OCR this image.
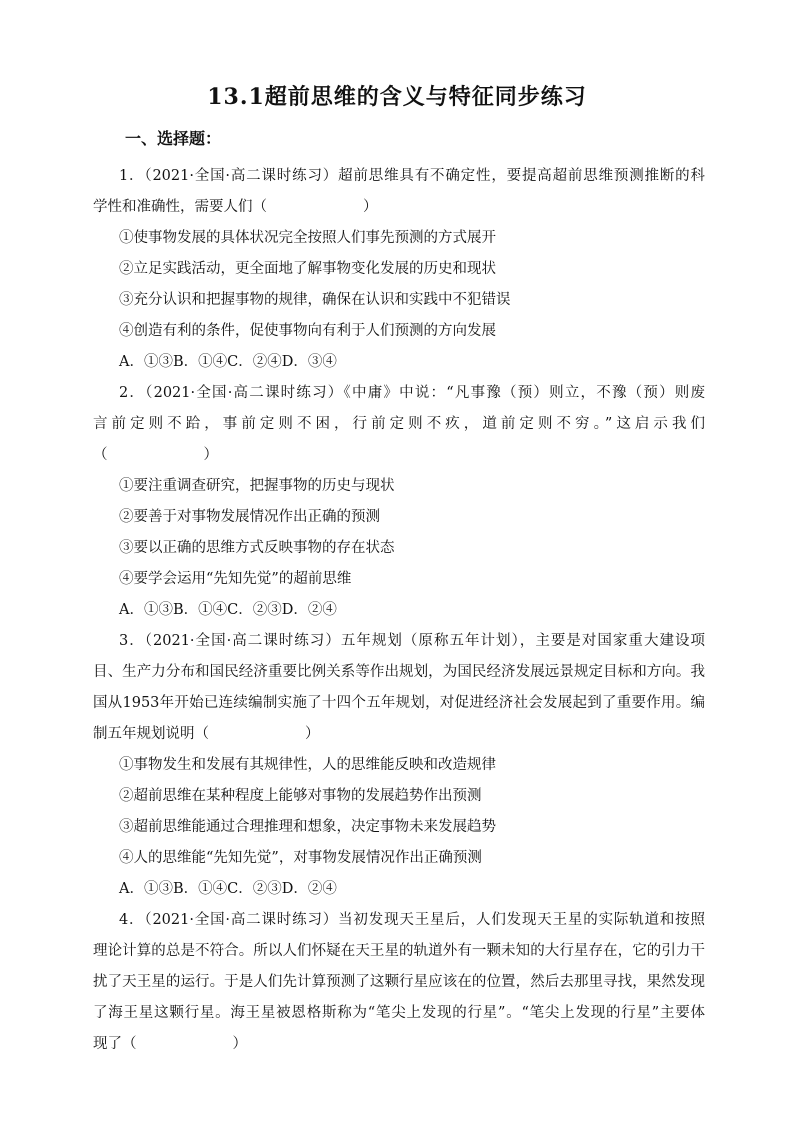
13.1超前思维的含义与特征同步练习
一、选择题：

1．（2021·全国·高二课时练习）超前思维具有不确定性，要提高超前思维预测推断的科

学性和准确性，需要人们（	）

①使事物发展的具体状况完全按照人们事先预测的方式展开

②立足实践活动，更全面地了解事物变化发展的历史和现状

③充分认识和把握事物的规律，确保在认识和实践中不犯错误

④创造有利的条件，促使事物向有利于人们预测的方向发展

A．①③B．①④C．②④D．③④

2．（2021·全国·高二课时练习）《中庸》中说：“凡事豫（预）则立，不豫（预）则废

言前定则不跲，事前定则不困，行前定则不疚，道前定则不穷。”这启示我们

（	）

①要注重调查研究，把握事物的历史与现状

②要善于对事物发展情况作出正确的预测

③要以正确的思维方式反映事物的存在状态

④要学会运用“先知先觉”的超前思维

A．①③B．①④C．②③D．②④

3．（2021·全国·高二课时练习）五年规划（原称五年计划），主要是对国家重大建设项

目、生产力分布和国民经济重要比例关系等作出规划，为国民经济发展远景规定目标和方向。我

国从1953年开始已连续编制实施了十四个五年规划，对促进经济社会发展起到了重要作用。编

制五年规划说明（	）

①事物发生和发展有其规律性，人的思维能反映和改造规律

②超前思维在某种程度上能够对事物的发展趋势作出预测

③超前思维能通过合理推理和想象，决定事物未来发展趋势

④人的思维能“先知先觉”，对事物发展情况作出正确预测

A．①③B．①④C．②③D．②④

4．（2021·全国·高二课时练习）当初发现天王星后，人们发现天王星的实际轨道和按照

理论计算的总是不符合。所以人们怀疑在天王星的轨道外有一颗未知的大行星存在，它的引力干

扰了天王星的运行。于是人们先计算预测了这颗行星应该在的位置，然后去那里寻找，果然发现

了海王星这颗行星。海王星被恩格斯称为“笔尖上发现的行星”。“笔尖上发现的行星”主要体

现了（	）
